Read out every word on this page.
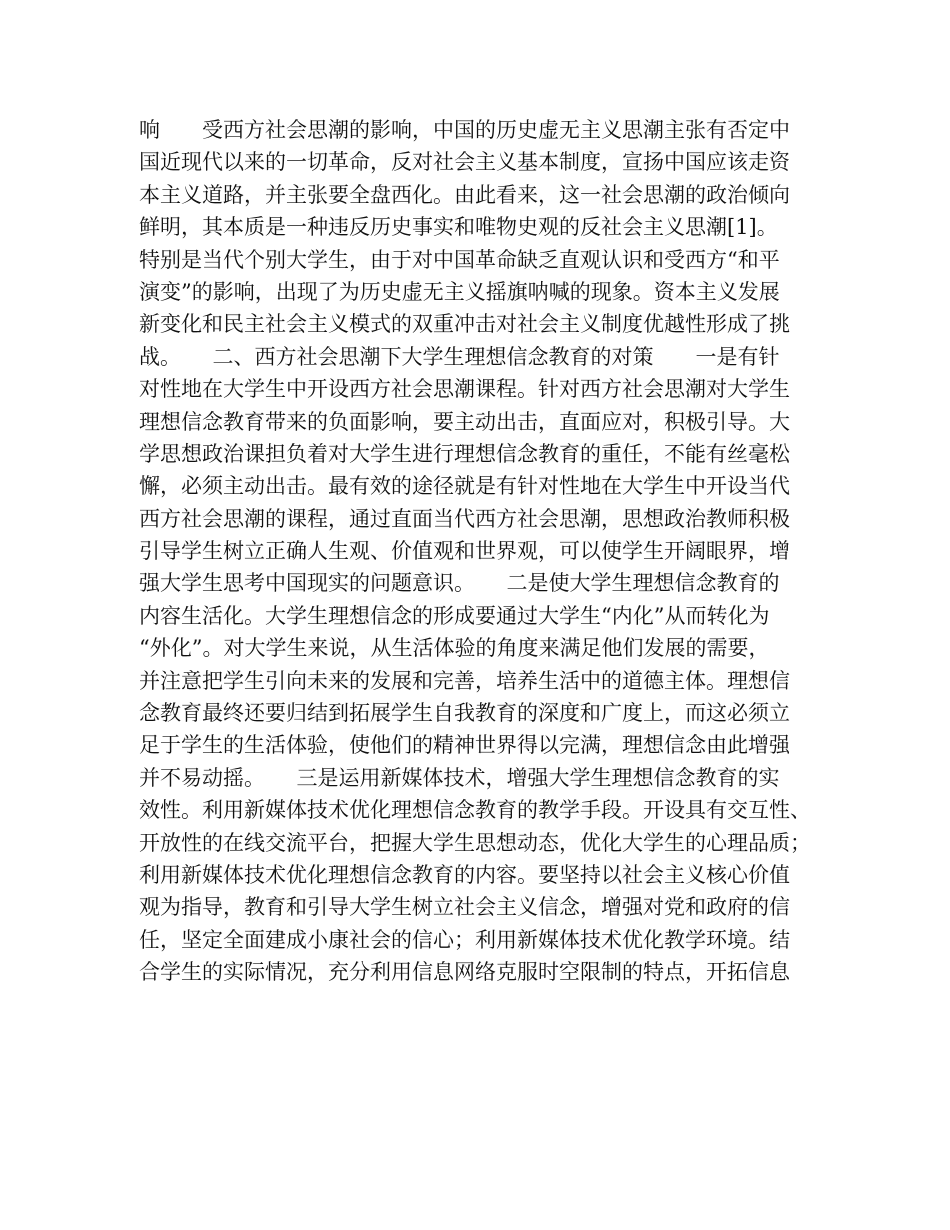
响　　受西方社会思潮的影响，中国的历史虚无主义思潮主张有否定中
国近现代以来的一切革命，反对社会主义基本制度，宣扬中国应该走资
本主义道路，并主张要全盘西化。由此看来，这一社会思潮的政治倾向
鲜明，其本质是一种违反历史事实和唯物史观的反社会主义思潮[1]。
特别是当代个别大学生，由于对中国革命缺乏直观认识和受西方“和平
演变”的影响，出现了为历史虚无主义摇旗呐喊的现象。资本主义发展
新变化和民主社会主义模式的双重冲击对社会主义制度优越性形成了挑
战。　　二、西方社会思潮下大学生理想信念教育的对策　　一是有针
对性地在大学生中开设西方社会思潮课程。针对西方社会思潮对大学生
理想信念教育带来的负面影响，要主动出击，直面应对，积极引导。大
学思想政治课担负着对大学生进行理想信念教育的重任，不能有丝毫松
懈，必须主动出击。最有效的途径就是有针对性地在大学生中开设当代
西方社会思潮的课程，通过直面当代西方社会思潮，思想政治教师积极
引导学生树立正确人生观、价值观和世界观，可以使学生开阔眼界，增
强大学生思考中国现实的问题意识。　　二是使大学生理想信念教育的
内容生活化。大学生理想信念的形成要通过大学生“内化”从而转化为
“外化”。对大学生来说，从生活体验的角度来满足他们发展的需要，
并注意把学生引向未来的发展和完善，培养生活中的道德主体。理想信
念教育最终还要归结到拓展学生自我教育的深度和广度上，而这必须立
足于学生的生活体验，使他们的精神世界得以完满，理想信念由此增强
并不易动摇。　　三是运用新媒体技术，增强大学生理想信念教育的实
效性。利用新媒体技术优化理想信念教育的教学手段。开设具有交互性、
开放性的在线交流平台，把握大学生思想动态，优化大学生的心理品质；
利用新媒体技术优化理想信念教育的内容。要坚持以社会主义核心价值
观为指导，教育和引导大学生树立社会主义信念，增强对党和政府的信
任，坚定全面建成小康社会的信心；利用新媒体技术优化教学环境。结
合学生的实际情况，充分利用信息网络克服时空限制的特点，开拓信息
